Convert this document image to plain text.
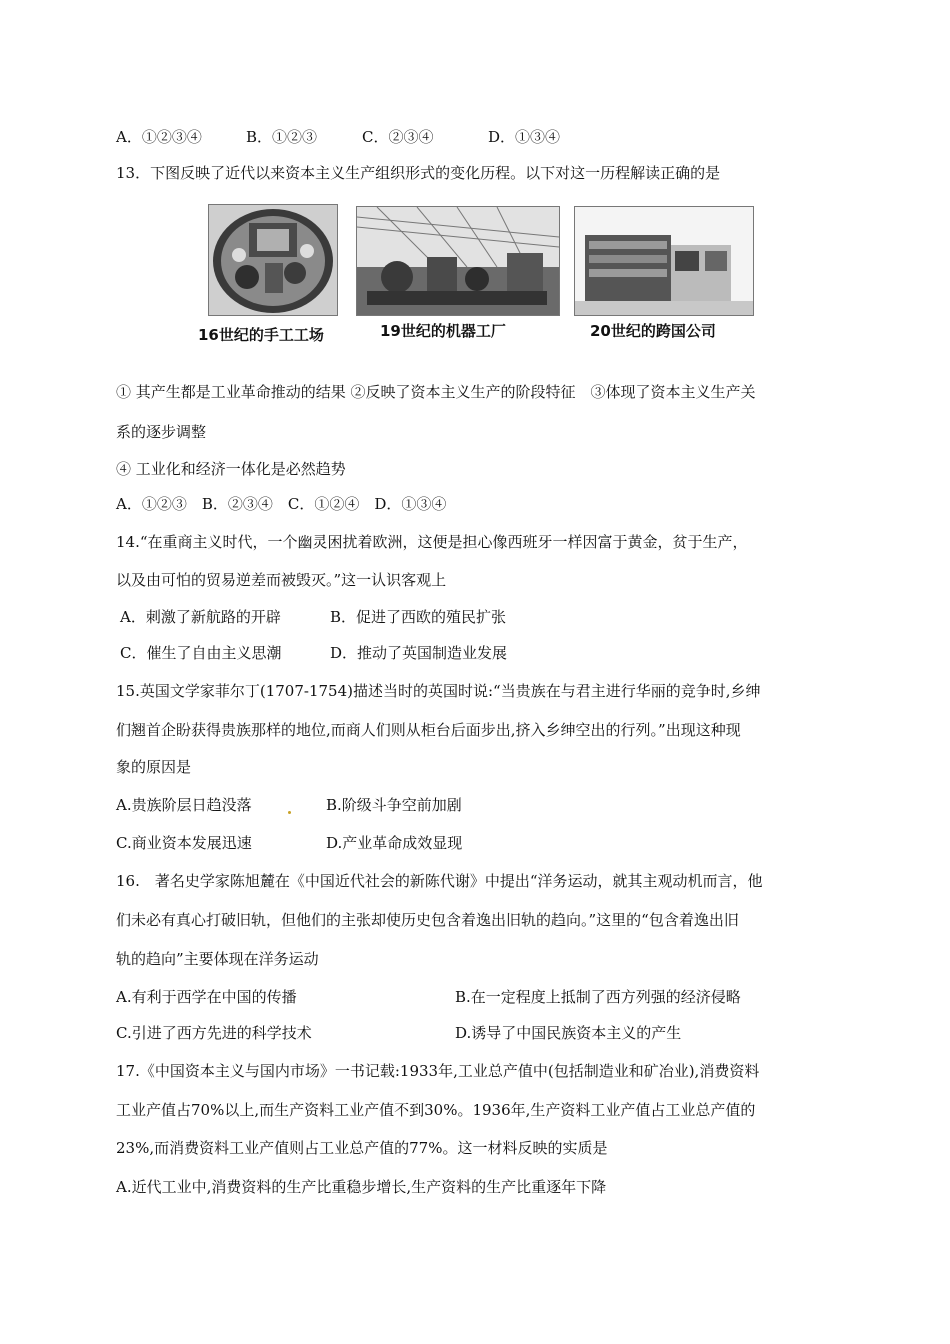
A．①②③④	B．①②③	C．②③④	D．①③④
13．下图反映了近代以来资本主义生产组织形式的变化历程。以下对这一历程解读正确的是
16世纪的手工工场	19世纪的机器工厂	20世纪的跨国公司
① 其产生都是工业革命推动的结果 ②反映了资本主义生产的阶段特征　③体现了资本主义生产关
系的逐步调整
④ 工业化和经济一体化是必然趋势
A．①②③　B．②③④　C．①②④　D．①③④
14.“在重商主义时代，一个幽灵困扰着欧洲，这便是担心像西班牙一样因富于黄金，贫于生产，
以及由可怕的贸易逆差而被毁灭。”这一认识客观上
A．刺激了新航路的开辟	B．促进了西欧的殖民扩张
C．催生了自由主义思潮	D．推动了英国制造业发展
15.英国文学家菲尔丁(1707-1754)描述当时的英国时说:“当贵族在与君主进行华丽的竞争时,乡绅
们翘首企盼获得贵族那样的地位,而商人们则从柜台后面步出,挤入乡绅空出的行列。”出现这种现
象的原因是
A.贵族阶层日趋没落	B.阶级斗争空前加剧
C.商业资本发展迅速	D.产业革命成效显现
16.　著名史学家陈旭麓在《中国近代社会的新陈代谢》中提出“洋务运动，就其主观动机而言，他
们未必有真心打破旧轨，但他们的主张却使历史包含着逸出旧轨的趋向。”这里的“包含着逸出旧
轨的趋向”主要体现在洋务运动
A.有利于西学在中国的传播	B.在一定程度上抵制了西方列强的经济侵略
C.引进了西方先进的科学技术	D.诱导了中国民族资本主义的产生
17.《中国资本主义与国内市场》一书记载:1933年,工业总产值中(包括制造业和矿冶业),消费资料
工业产值占70%以上,而生产资料工业产值不到30%。1936年,生产资料工业产值占工业总产值的
23%,而消费资料工业产值则占工业总产值的77%。这一材料反映的实质是
A.近代工业中,消费资料的生产比重稳步增长,生产资料的生产比重逐年下降
